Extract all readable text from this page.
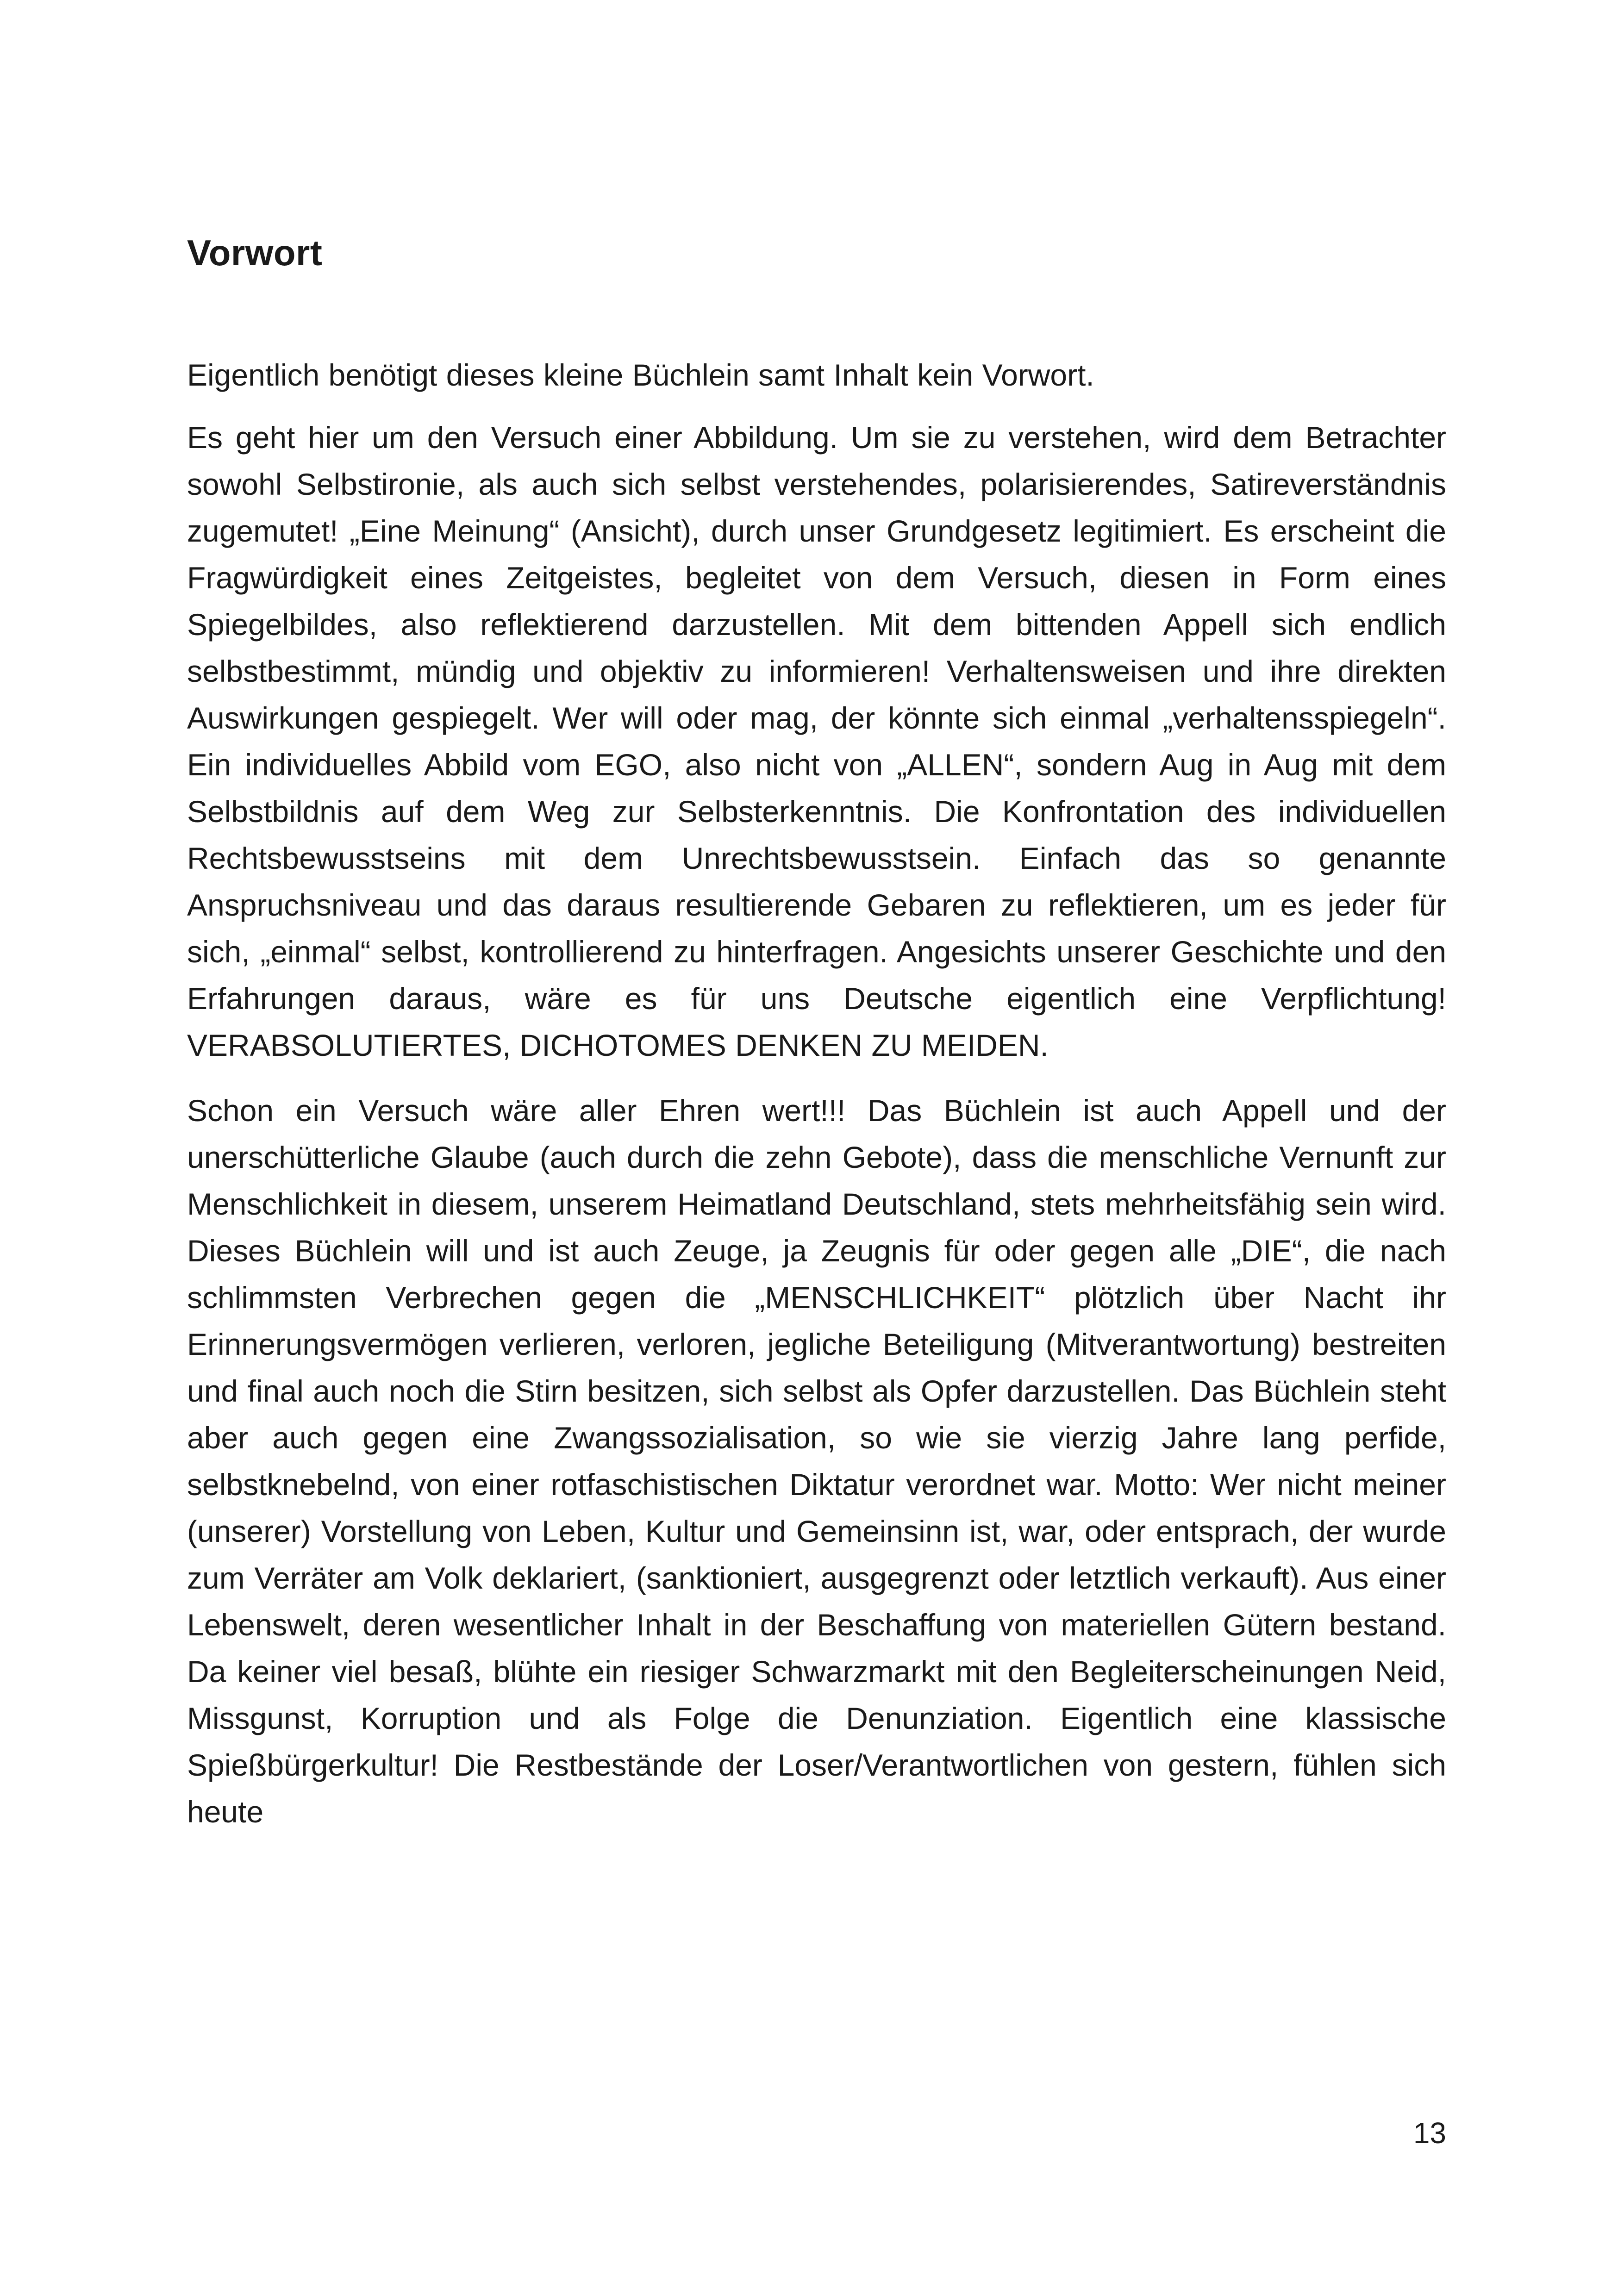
Vorwort

Eigentlich benötigt dieses kleine Büchlein samt Inhalt kein Vorwort.

Es geht hier um den Versuch einer Abbildung. Um sie zu verstehen, wird dem Betrachter sowohl Selbstironie, als auch sich selbst verstehendes, polarisierendes, Satireverständnis zugemutet! „Eine Meinung“ (Ansicht), durch unser Grundgesetz legitimiert. Es erscheint die Fragwürdigkeit eines Zeitgeistes, begleitet von dem Versuch, diesen in Form eines Spiegelbildes, also reflektierend darzustellen. Mit dem bittenden Appell sich endlich selbstbestimmt, mündig und objektiv zu informieren! Verhaltensweisen und ihre direkten Auswirkungen gespiegelt. Wer will oder mag, der könnte sich einmal „verhaltensspiegeln“. Ein individuelles Abbild vom EGO, also nicht von „ALLEN“, sondern Aug in Aug mit dem Selbstbildnis auf dem Weg zur Selbsterkenntnis. Die Konfrontation des individuellen Rechtsbewusstseins mit dem Unrechtsbewusstsein. Einfach das so genannte Anspruchsniveau und das daraus resultierende Gebaren zu reflektieren, um es jeder für sich, „einmal“ selbst, kontrollierend zu hinterfragen. Angesichts unserer Geschichte und den Erfahrungen daraus, wäre es für uns Deutsche eigentlich eine Verpflichtung! VERABSOLUTIERTES, DICHOTOMES DENKEN ZU MEIDEN.

Schon ein Versuch wäre aller Ehren wert!!! Das Büchlein ist auch Appell und der unerschütterliche Glaube (auch durch die zehn Gebote), dass die menschliche Vernunft zur Menschlichkeit in diesem, unserem Heimatland Deutschland, stets mehrheitsfähig sein wird. Dieses Büchlein will und ist auch Zeuge, ja Zeugnis für oder gegen alle „DIE“, die nach schlimmsten Verbrechen gegen die „MENSCHLICHKEIT“ plötzlich über Nacht ihr Erinnerungsvermögen verlieren, verloren, jegliche Beteiligung (Mitverantwortung) bestreiten und final auch noch die Stirn besitzen, sich selbst als Opfer darzustellen. Das Büchlein steht aber auch gegen eine Zwangssozialisation, so wie sie vierzig Jahre lang perfide, selbstknebelnd, von einer rotfaschistischen Diktatur verordnet war. Motto: Wer nicht meiner (unserer) Vorstellung von Leben, Kultur und Gemeinsinn ist, war, oder entsprach, der wurde zum Verräter am Volk deklariert, (sanktioniert, ausgegrenzt oder letztlich verkauft). Aus einer Lebenswelt, deren wesentlicher Inhalt in der Beschaffung von materiellen Gütern bestand. Da keiner viel besaß, blühte ein riesiger Schwarzmarkt mit den Begleiterscheinungen Neid, Missgunst, Korruption und als Folge die Denunziation. Eigentlich eine klassische Spießbürgerkultur! Die Restbestände der Loser/Verantwortlichen von gestern, fühlen sich heute

13
